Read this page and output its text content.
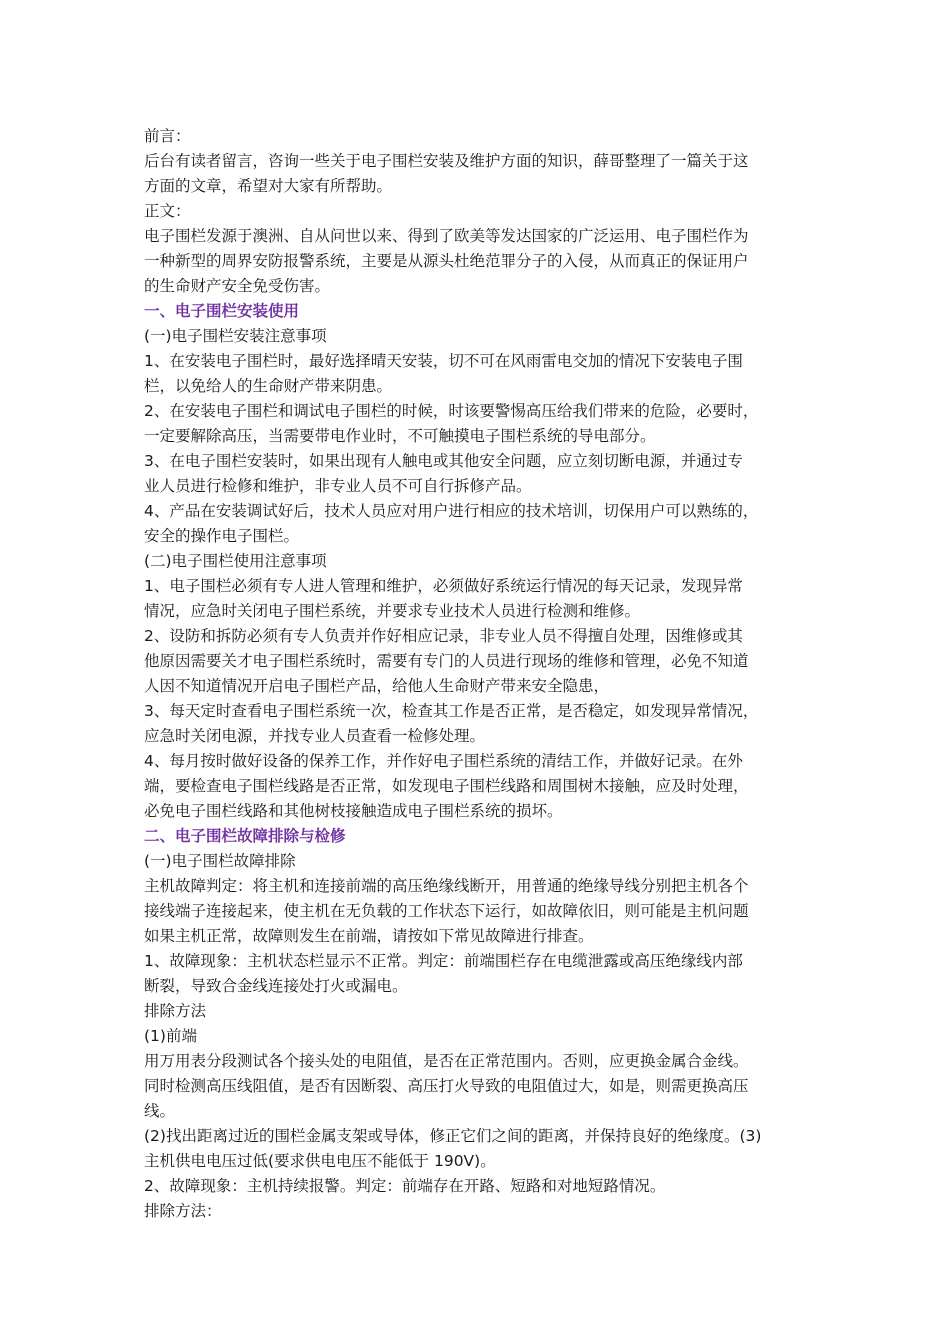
前言：

后台有读者留言，咨询一些关于电子围栏安装及维护方面的知识，薛哥整理了一篇关于这

方面的文章，希望对大家有所帮助。

正文：

电子围栏发源于澳洲、自从问世以来、得到了欧美等发达国家的广泛运用、电子围栏作为

一种新型的周界安防报警系统，主要是从源头杜绝范罪分子的入侵，从而真正的保证用户

的生命财产安全免受伤害。

一、电子围栏安装使用

(一)电子围栏安装注意事项

1、在安装电子围栏时，最好选择晴天安装，切不可在风雨雷电交加的情况下安装电子围

栏，以免给人的生命财产带来阴患。

2、在安装电子围栏和调试电子围栏的时候，时该要警惕高压给我们带来的危险，必要时，

一定要解除高压，当需要带电作业时，不可触摸电子围栏系统的导电部分。

3、在电子围栏安装时，如果出现有人触电或其他安全问题，应立刻切断电源，并通过专

业人员进行检修和维护，非专业人员不可自行拆修产品。

4、产品在安装调试好后，技术人员应对用户进行相应的技术培训，切保用户可以熟练的，

安全的操作电子围栏。

(二)电子围栏使用注意事项

1、电子围栏必须有专人进人管理和维护，必须做好系统运行情况的每天记录，发现异常

情况，应急时关闭电子围栏系统，并要求专业技术人员进行检测和维修。

2、设防和拆防必须有专人负责并作好相应记录，非专业人员不得擅自处理，因维修或其

他原因需要关才电子围栏系统时，需要有专门的人员进行现场的维修和管理，必免不知道

人因不知道情况开启电子围栏产品，给他人生命财产带来安全隐患，

3、每天定时查看电子围栏系统一次，检查其工作是否正常，是否稳定，如发现异常情况，

应急时关闭电源，并找专业人员查看一检修处理。

4、每月按时做好设备的保养工作，并作好电子围栏系统的清结工作，并做好记录。在外

端，要检查电子围栏线路是否正常，如发现电子围栏线路和周围树木接触，应及时处理，

必免电子围栏线路和其他树枝接触造成电子围栏系统的损坏。

二、电子围栏故障排除与检修

(一)电子围栏故障排除

主机故障判定：将主机和连接前端的高压绝缘线断开，用普通的绝缘导线分别把主机各个

接线端子连接起来，使主机在无负载的工作状态下运行，如故障依旧，则可能是主机问题

如果主机正常，故障则发生在前端，请按如下常见故障进行排查。

1、故障现象：主机状态栏显示不正常。判定：前端围栏存在电缆泄露或高压绝缘线内部

断裂，导致合金线连接处打火或漏电。

排除方法

(1)前端

用万用表分段测试各个接头处的电阻值，是否在正常范围内。否则，应更换金属合金线。

同时检测高压线阻值，是否有因断裂、高压打火导致的电阻值过大，如是，则需更换高压

线。

(2)找出距离过近的围栏金属支架或导体，修正它们之间的距离，并保持良好的绝缘度。(3)

主机供电电压过低(要求供电电压不能低于 190V)。

2、故障现象：主机持续报警。判定：前端存在开路、短路和对地短路情况。

排除方法：
